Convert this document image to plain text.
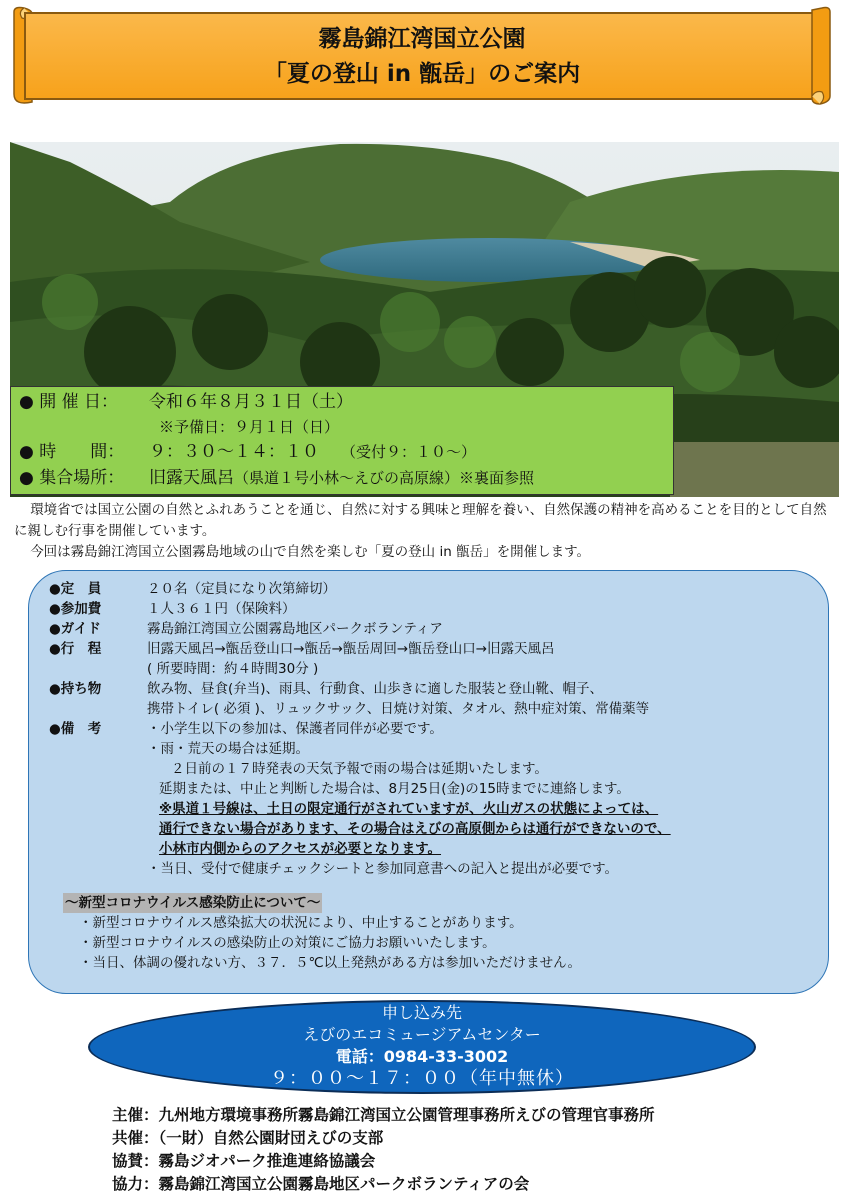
霧島錦江湾国立公園
「夏の登山 in 甑岳」のご案内
● 開 催 日： 令和６年８月３１日（土）
※予備日：９月１日（日）
● 時　　間： ９：３０～１４：１０ （受付９：１０～）
● 集合場所： 旧露天風呂（県道１号小林～えびの高原線）※裏面参照

環境省では国立公園の自然とふれあうことを通じ、自然に対する興味と理解を養い、自然保護の精神を高めることを目的として自然に親しむ行事を開催しています。

今回は霧島錦江湾国立公園霧島地域の山で自然を楽しむ「夏の登山 in 甑岳」を開催します。

●定　員	２０名（定員になり次第締切）
●参加費	１人３６１円（保険料）
●ガイド	霧島錦江湾国立公園霧島地区パークボランティア
●行　程	旧露天風呂→甑岳登山口→甑岳→甑岳周回→甑岳登山口→旧露天風呂
( 所要時間：約４時間30分 )
●持ち物	飲み物、昼食(弁当)、雨具、行動食、山歩きに適した服装と登山靴、帽子、
携帯トイレ( 必須 )、リュックサック、日焼け対策、タオル、熱中症対策、常備薬等
●備　考	・小学生以下の参加は、保護者同伴が必要です。
・雨・荒天の場合は延期。
２日前の１７時発表の天気予報で雨の場合は延期いたします。
延期または、中止と判断した場合は、8月25日(金)の15時までに連絡します。
※県道１号線は、土日の限定通行がされていますが、火山ガスの状態によっては、
通行できない場合があります、その場合はえびの高原側からは通行ができないので、
小林市内側からのアクセスが必要となります。
・当日、受付で健康チェックシートと参加同意書への記入と提出が必要です。
～新型コロナウイルス感染防止について～
・新型コロナウイルス感染拡大の状況により、中止することがあります。
・新型コロナウイルスの感染防止の対策にご協力お願いいたします。
・当日、体調の優れない方、３７．５℃以上発熱がある方は参加いただけません。
申し込み先
えびのエコミュージアムセンター
電話：0984-33-3002
９：００～１７：００（年中無休）
主催：九州地方環境事務所霧島錦江湾国立公園管理事務所えびの管理官事務所
共催：（一財）自然公園財団えびの支部
協賛：霧島ジオパーク推進連絡協議会
協力：霧島錦江湾国立公園霧島地区パークボランティアの会
